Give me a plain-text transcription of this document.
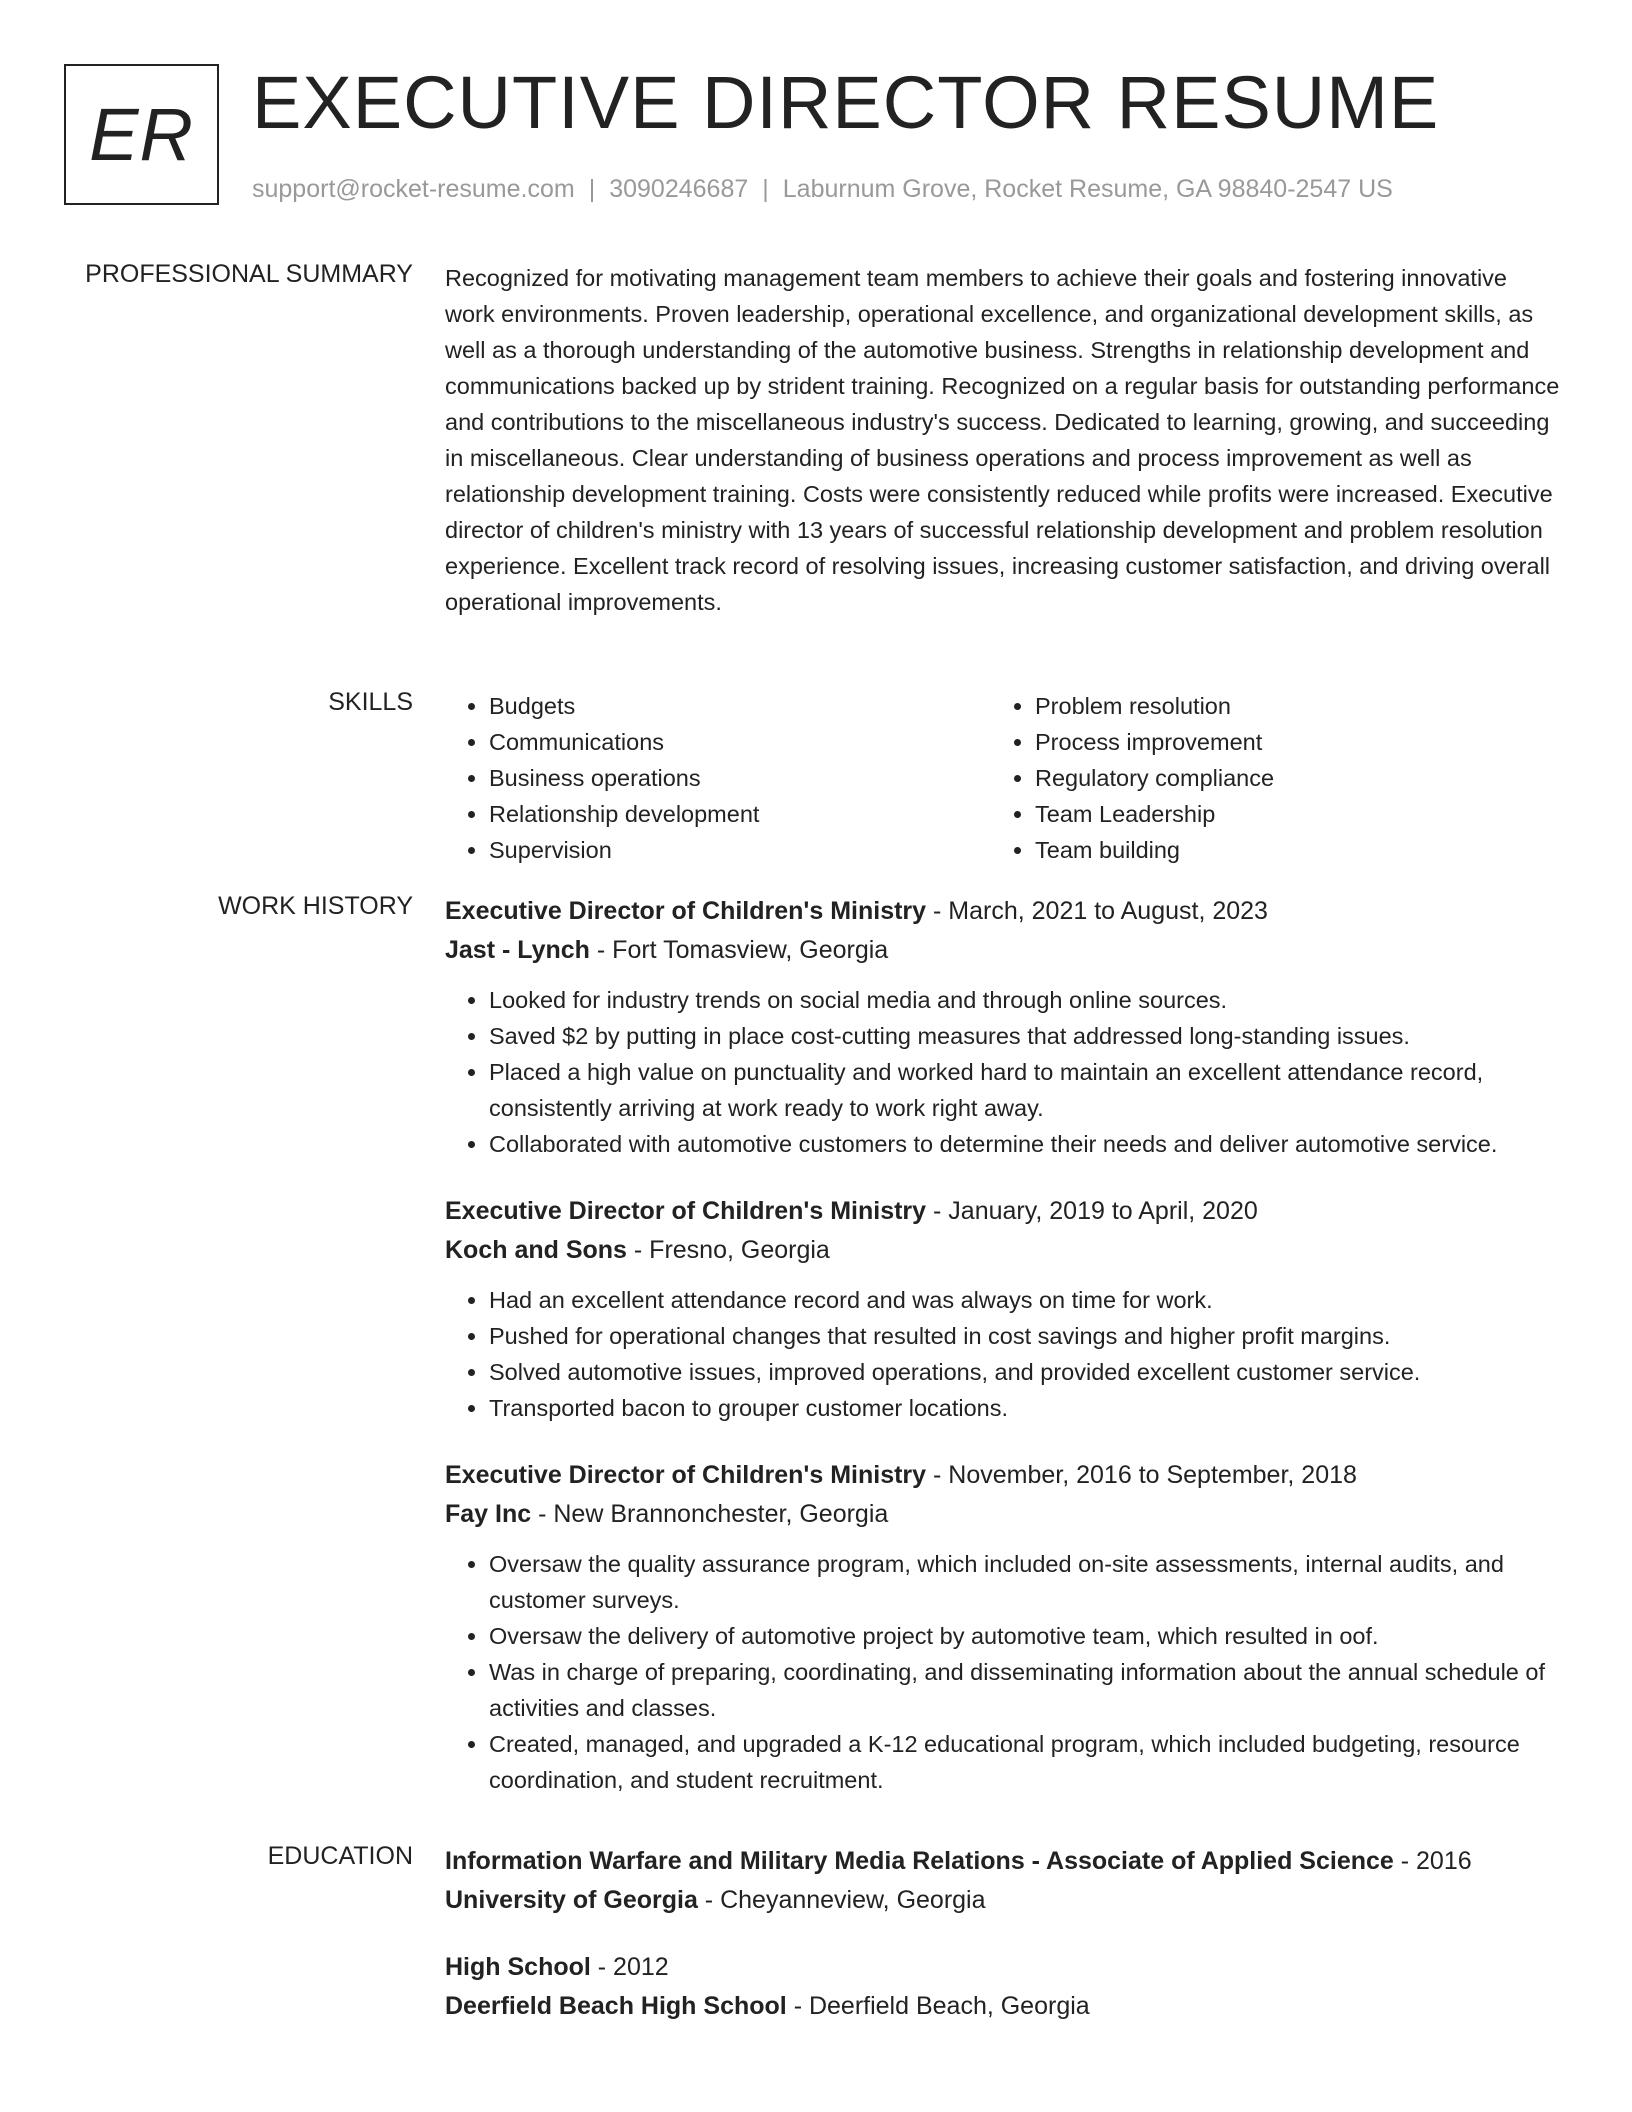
ER EXECUTIVE DIRECTOR RESUME
support@rocket-resume.com | 3090246687 | Laburnum Grove, Rocket Resume, GA 98840-2547 US
PROFESSIONAL SUMMARY Recognized for motivating management team members to achieve their goals and fostering innovative work environments. Proven leadership, operational excellence, and organizational development skills, as well as a thorough understanding of the automotive business. Strengths in relationship development and communications backed up by strident training. Recognized on a regular basis for outstanding performance and contributions to the miscellaneous industry's success. Dedicated to learning, growing, and succeeding in miscellaneous. Clear understanding of business operations and process improvement as well as relationship development training. Costs were consistently reduced while profits were increased. Executive director of children's ministry with 13 years of successful relationship development and problem resolution experience. Excellent track record of resolving issues, increasing customer satisfaction, and driving overall operational improvements.

SKILLS
•	Budgets
• Communications
• Business operations
• Relationship development
• Supervision
• Problem resolution
• Process improvement
• Regulatory compliance
• Team Leadership
• Team building
WORK HISTORY Executive Director of Children's Ministry - March, 2021 to August, 2023
Jast - Lynch - Fort Tomasview, Georgia
• Looked for industry trends on social media and through online sources.
• Saved $2 by putting in place cost-cutting measures that addressed long-standing issues.
• Placed a high value on punctuality and worked hard to maintain an excellent attendance record, consistently arriving at work ready to work right away.
• Collaborated with automotive customers to determine their needs and deliver automotive service.
Executive Director of Children's Ministry - January, 2019 to April, 2020
Koch and Sons - Fresno, Georgia
• Had an excellent attendance record and was always on time for work.
• Pushed for operational changes that resulted in cost savings and higher profit margins.
• Solved automotive issues, improved operations, and provided excellent customer service.
• Transported bacon to grouper customer locations.
Executive Director of Children's Ministry - November, 2016 to September, 2018
Fay Inc - New Brannonchester, Georgia
• Oversaw the quality assurance program, which included on-site assessments, internal audits, and customer surveys.
• Oversaw the delivery of automotive project by automotive team, which resulted in oof.
• Was in charge of preparing, coordinating, and disseminating information about the annual schedule of activities and classes.
• Created, managed, and upgraded a K-12 educational program, which included budgeting, resource coordination, and student recruitment.
EDUCATION Information Warfare and Military Media Relations - Associate of Applied Science - 2016
University of Georgia - Cheyanneview, Georgia
High School - 2012
Deerfield Beach High School - Deerfield Beach, Georgia
